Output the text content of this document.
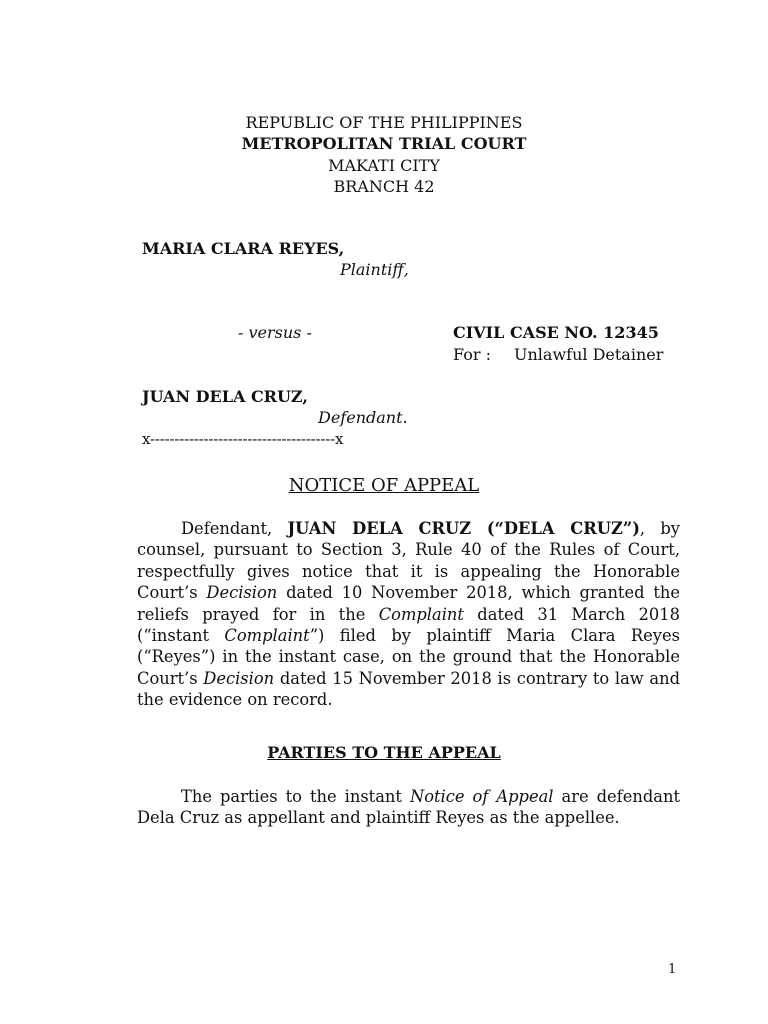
REPUBLIC OF THE PHILIPPINES

METROPOLITAN TRIAL COURT

MAKATI CITY

BRANCH 42

MARIA CLARA REYES,

Plaintiff,

- versus -	CIVIL CASE NO. 12345

For : Unlawful Detainer

JUAN DELA CRUZ,

Defendant.

x--------------------------------------x

NOTICE OF APPEAL

Defendant, JUAN DELA CRUZ (“DELA CRUZ”), by counsel, pursuant to Section 3, Rule 40 of the Rules of Court, respectfully gives notice that it is appealing the Honorable Court’s Decision dated 10 November 2018, which granted the reliefs prayed for in the Complaint dated 31 March 2018 (“instant Complaint”) filed by plaintiff Maria Clara Reyes (“Reyes”) in the instant case, on the ground that the Honorable Court’s Decision dated 15 November 2018 is contrary to law and the evidence on record.

PARTIES TO THE APPEAL

The parties to the instant Notice of Appeal are defendant Dela Cruz as appellant and plaintiff Reyes as the appellee.

1
